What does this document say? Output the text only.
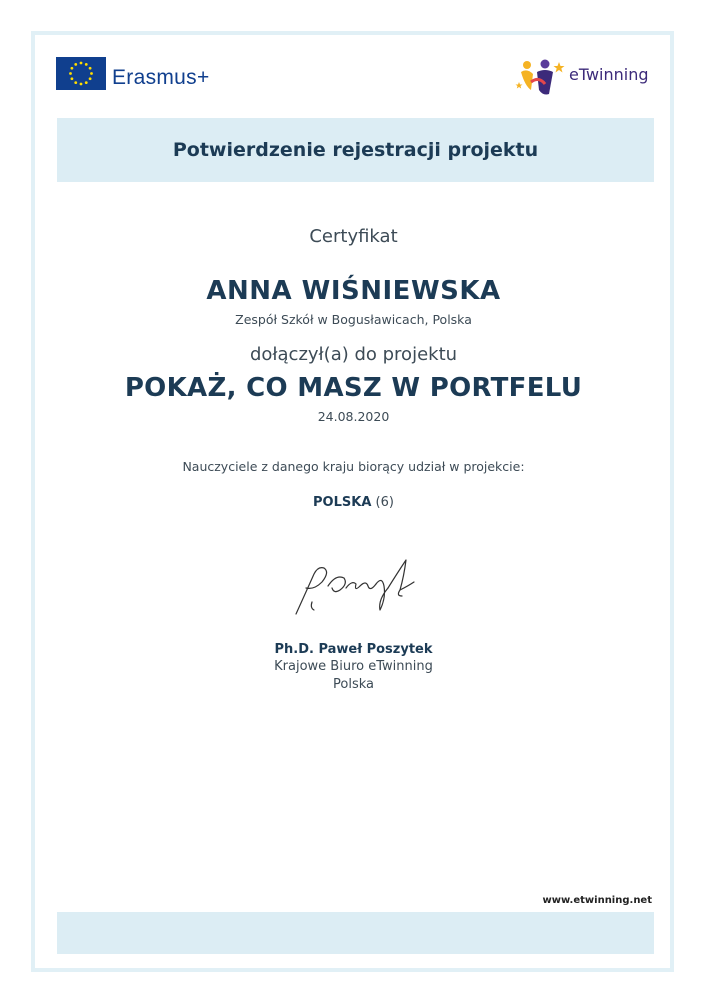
Erasmus+	eTwinning
Potwierdzenie rejestracji projektu
Certyfikat
ANNA WIŚNIEWSKA
Zespół Szkół w Bogusławicach, Polska
dołączył(a) do projektu
POKAŻ, CO MASZ W PORTFELU
24.08.2020
Nauczyciele z danego kraju biorący udział w projekcie:
POLSKA (6)
Ph.D. Paweł Poszytek
Krajowe Biuro eTwinning
Polska
www.etwinning.net
